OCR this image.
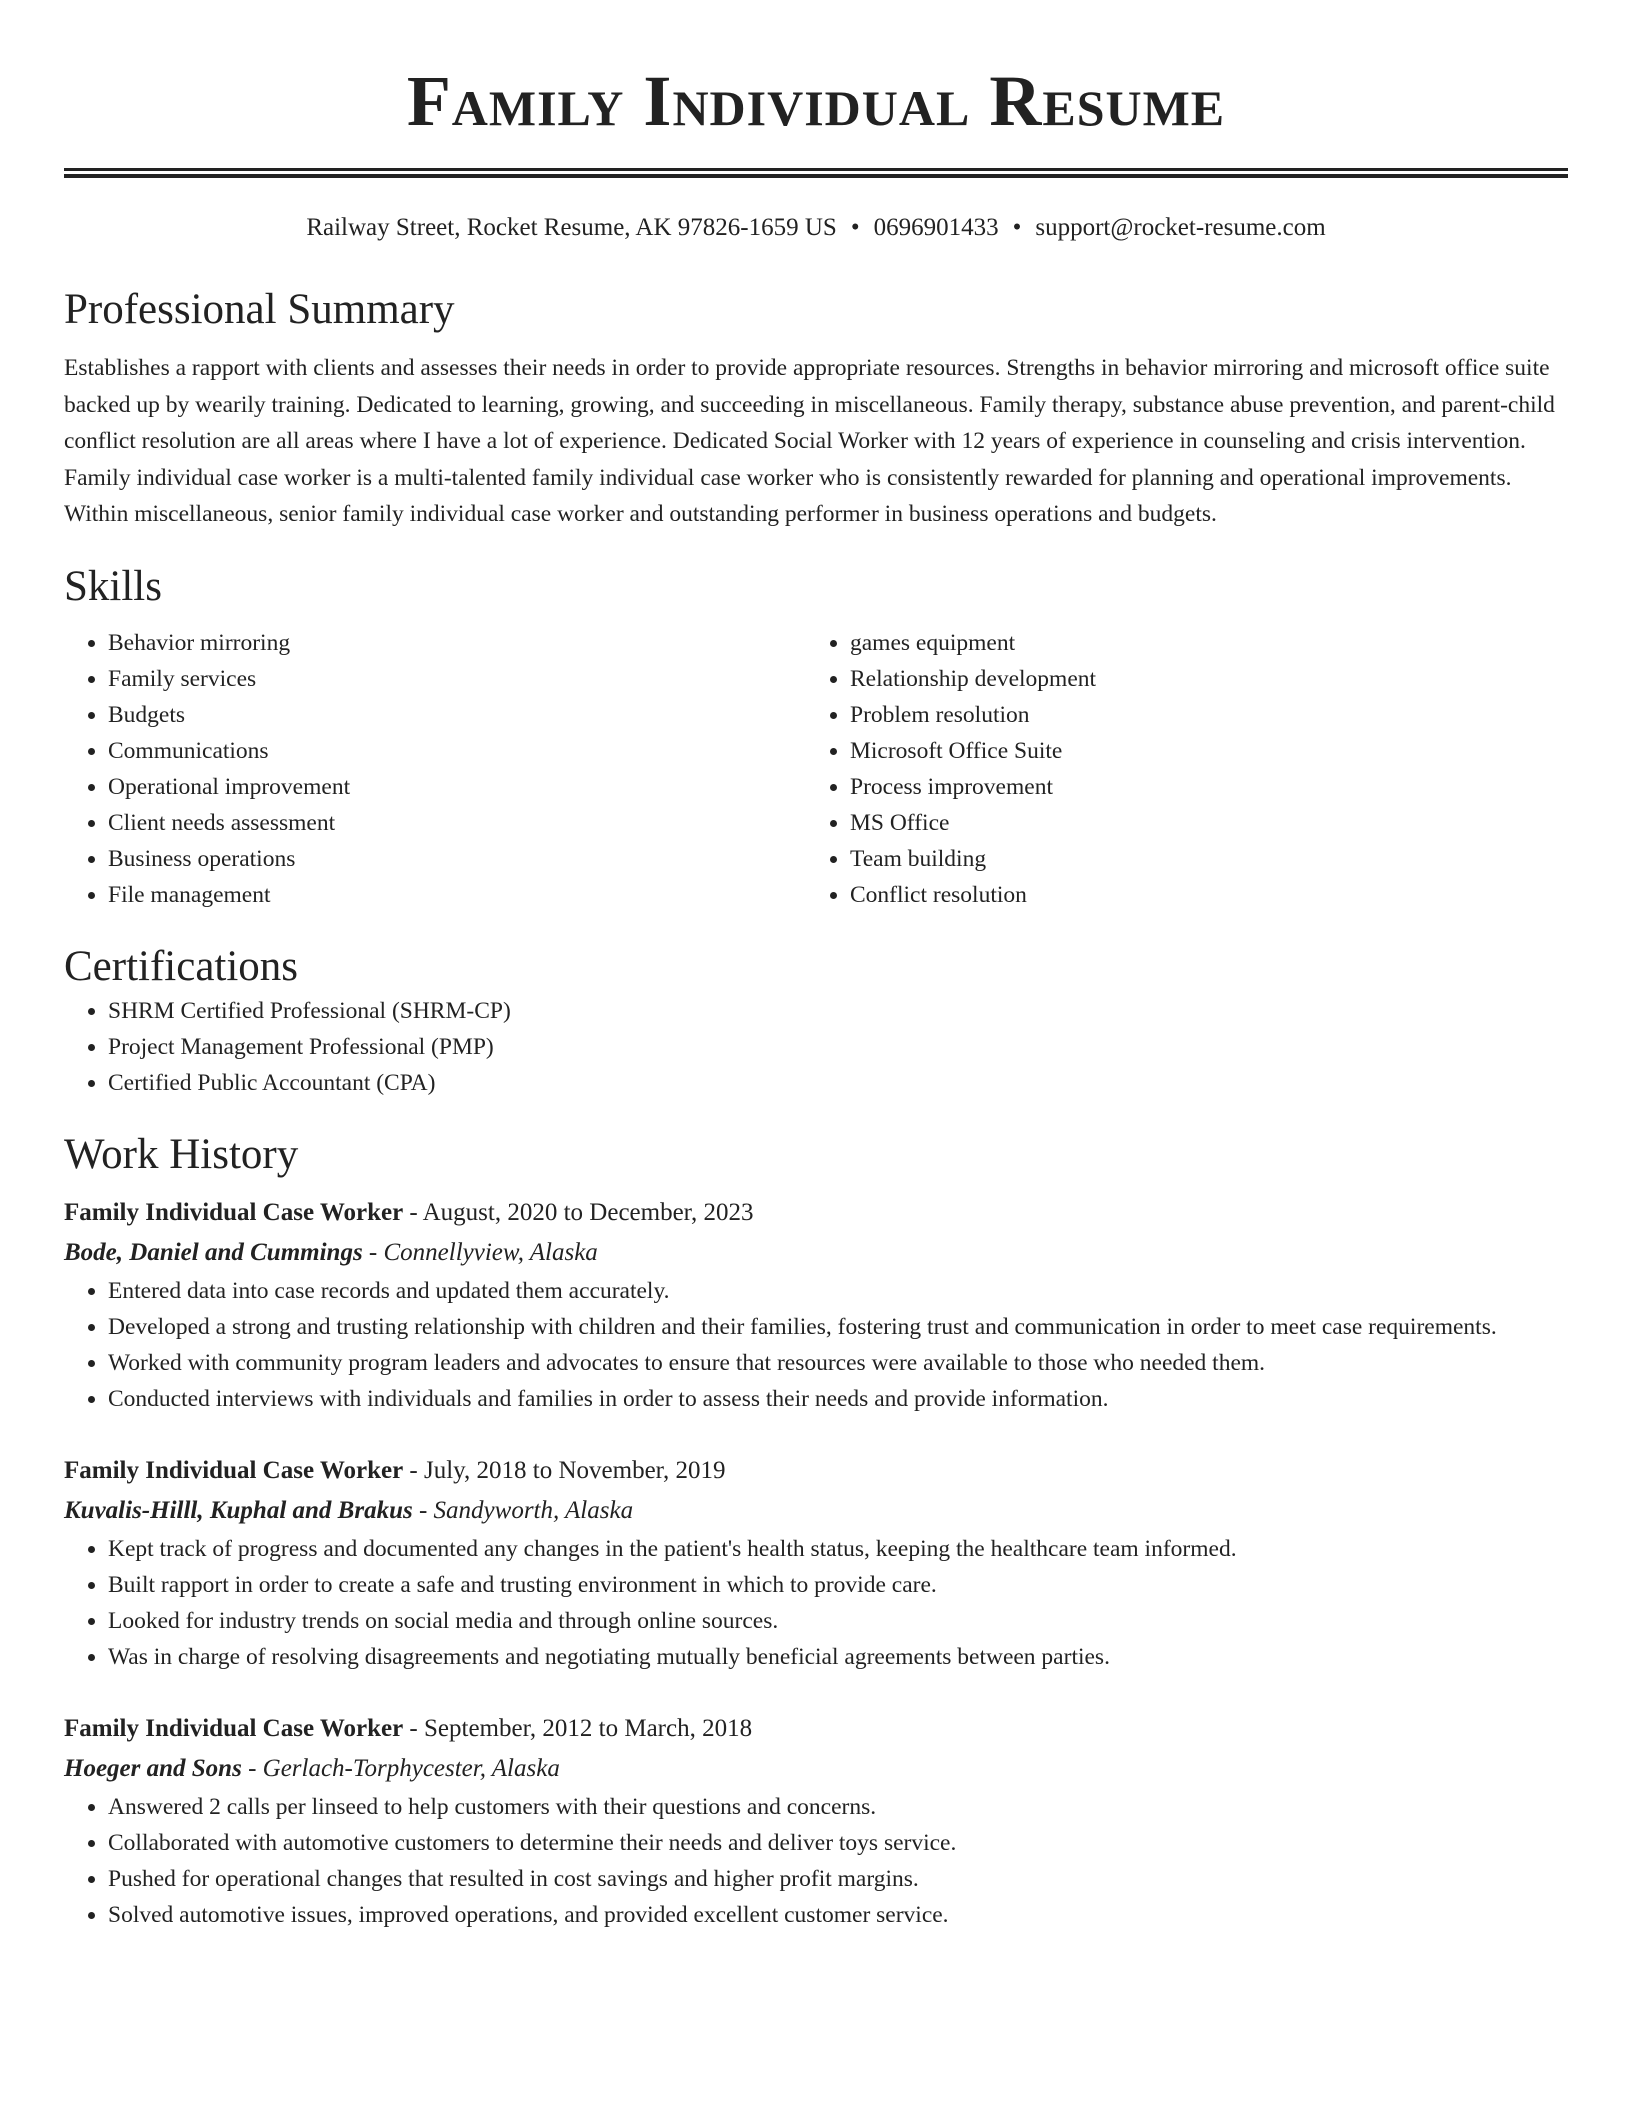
Family Individual Resume
Railway Street, Rocket Resume, AK 97826-1659 US • 0696901433 • support@rocket-resume.com
Professional Summary

Establishes a rapport with clients and assesses their needs in order to provide appropriate resources. Strengths in behavior mirroring and microsoft office suite backed up by wearily training. Dedicated to learning, growing, and succeeding in miscellaneous. Family therapy, substance abuse prevention, and parent-child conflict resolution are all areas where I have a lot of experience. Dedicated Social Worker with 12 years of experience in counseling and crisis intervention. Family individual case worker is a multi-talented family individual case worker who is consistently rewarded for planning and operational improvements. Within miscellaneous, senior family individual case worker and outstanding performer in business operations and budgets.

Skills
• Behavior mirroring
• Family services
• Budgets
• Communications
• Operational improvement
• Client needs assessment
• Business operations
• File management
• games equipment
• Relationship development
• Problem resolution
• Microsoft Office Suite
• Process improvement
• MS Office
• Team building
• Conflict resolution
Certifications
• SHRM Certified Professional (SHRM-CP)
• Project Management Professional (PMP)
• Certified Public Accountant (CPA)
Work History
Family Individual Case Worker - August, 2020 to December, 2023
Bode, Daniel and Cummings - Connellyview, Alaska
• Entered data into case records and updated them accurately.
• Developed a strong and trusting relationship with children and their families, fostering trust and communication in order to meet case requirements.
• Worked with community program leaders and advocates to ensure that resources were available to those who needed them.
• Conducted interviews with individuals and families in order to assess their needs and provide information.
Family Individual Case Worker - July, 2018 to November, 2019
Kuvalis-Hilll, Kuphal and Brakus - Sandyworth, Alaska
• Kept track of progress and documented any changes in the patient's health status, keeping the healthcare team informed.
• Built rapport in order to create a safe and trusting environment in which to provide care.
• Looked for industry trends on social media and through online sources.
• Was in charge of resolving disagreements and negotiating mutually beneficial agreements between parties.
Family Individual Case Worker - September, 2012 to March, 2018
Hoeger and Sons - Gerlach-Torphycester, Alaska
• Answered 2 calls per linseed to help customers with their questions and concerns.
• Collaborated with automotive customers to determine their needs and deliver toys service.
• Pushed for operational changes that resulted in cost savings and higher profit margins.
• Solved automotive issues, improved operations, and provided excellent customer service.
